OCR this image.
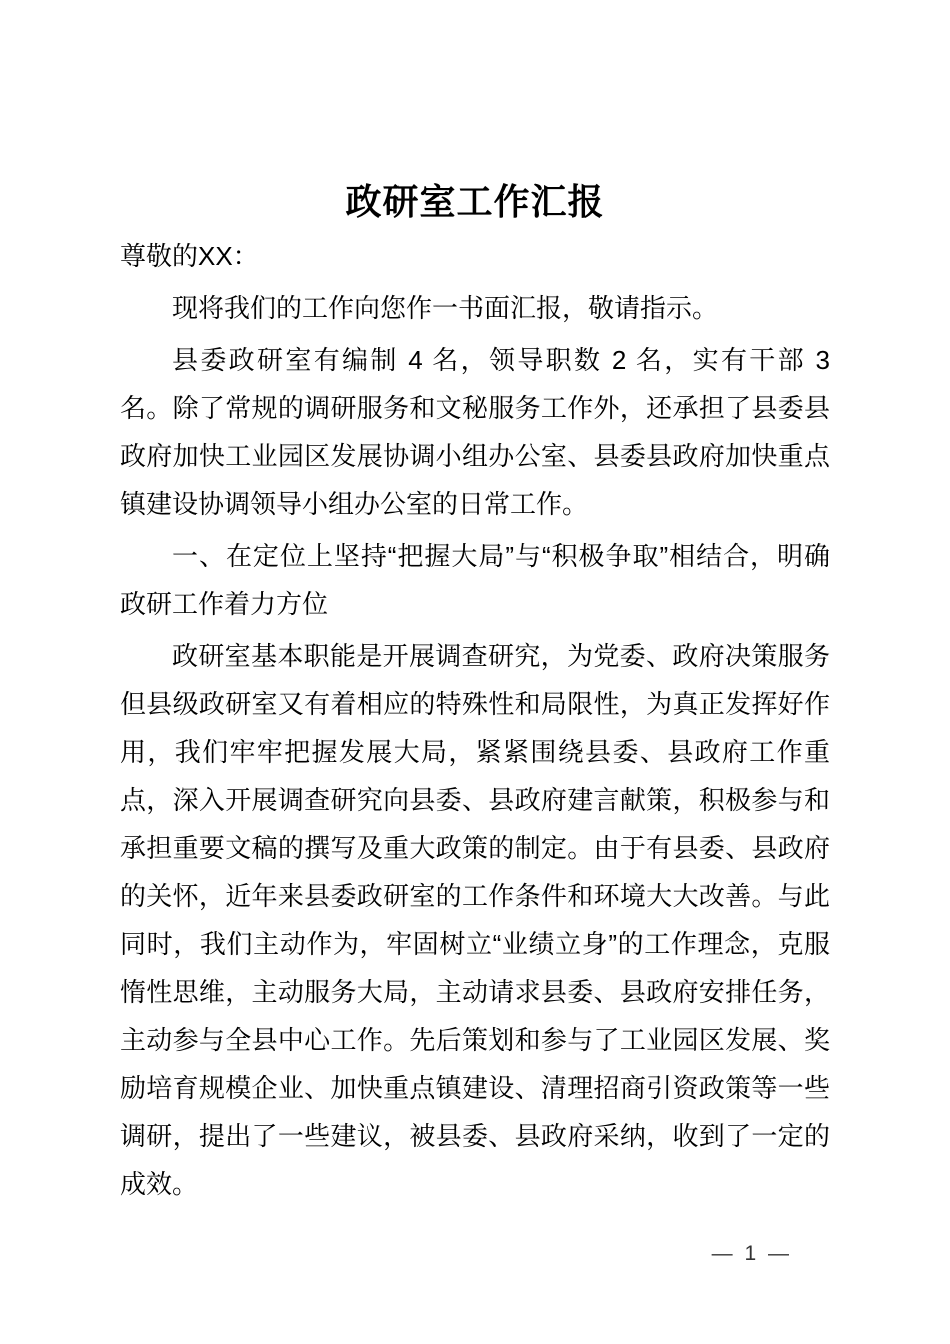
政研室工作汇报

尊敬的XX：

现将我们的工作向您作一书面汇报，敬请指示。

县委政研室有编制 4 名，领导职数 2 名，实有干部 3 名。除了常规的调研服务和文秘服务工作外，还承担了县委县政府加快工业园区发展协调小组办公室、县委县政府加快重点镇建设协调领导小组办公室的日常工作。

一、在定位上坚持“把握大局”与“积极争取”相结合，明确政研工作着力方位

政研室基本职能是开展调查研究，为党委、政府决策服务但县级政研室又有着相应的特殊性和局限性，为真正发挥好作用，我们牢牢把握发展大局，紧紧围绕县委、县政府工作重点，深入开展调查研究向县委、县政府建言献策，积极参与和承担重要文稿的撰写及重大政策的制定。由于有县委、县政府的关怀，近年来县委政研室的工作条件和环境大大改善。与此同时，我们主动作为，牢固树立“业绩立身”的工作理念，克服惰性思维，主动服务大局，主动请求县委、县政府安排任务，主动参与全县中心工作。先后策划和参与了工业园区发展、奖励培育规模企业、加快重点镇建设、清理招商引资政策等一些调研，提出了一些建议，被县委、县政府采纳，收到了一定的成效。

— 1 —
